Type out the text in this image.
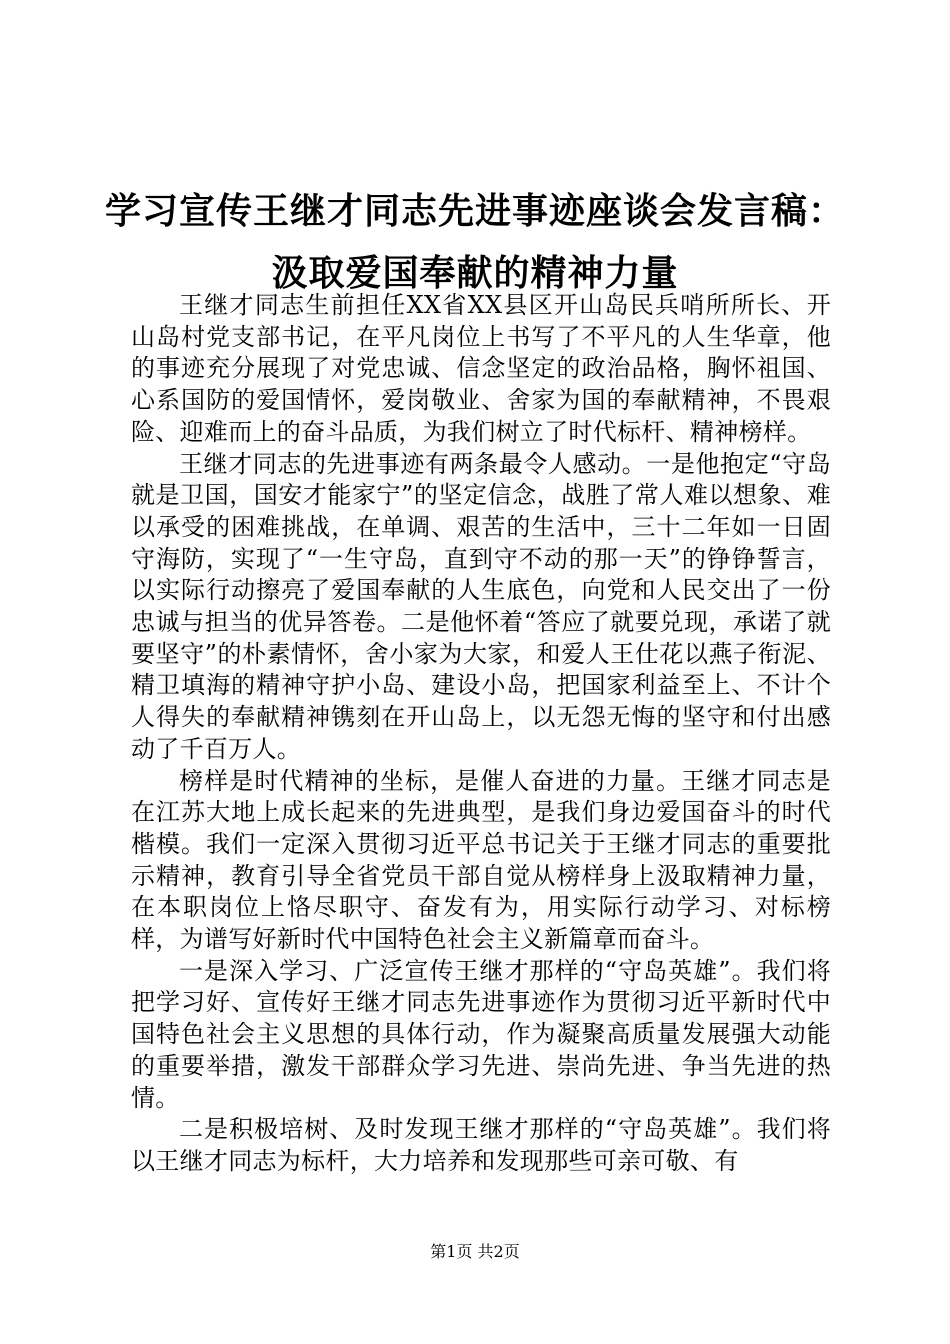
学习宣传王继才同志先进事迹座谈会发言稿：
汲取爱国奉献的精神力量

王继才同志生前担任XX省XX县区开山岛民兵哨所所长、开山岛村党支部书记，在平凡岗位上书写了不平凡的人生华章，他的事迹充分展现了对党忠诚、信念坚定的政治品格，胸怀祖国、心系国防的爱国情怀，爱岗敬业、舍家为国的奉献精神，不畏艰险、迎难而上的奋斗品质，为我们树立了时代标杆、精神榜样。

王继才同志的先进事迹有两条最令人感动。一是他抱定“守岛就是卫国，国安才能家宁”的坚定信念，战胜了常人难以想象、难以承受的困难挑战，在单调、艰苦的生活中，三十二年如一日固守海防，实现了“一生守岛，直到守不动的那一天”的铮铮誓言，以实际行动擦亮了爱国奉献的人生底色，向党和人民交出了一份忠诚与担当的优异答卷。二是他怀着“答应了就要兑现，承诺了就要坚守”的朴素情怀，舍小家为大家，和爱人王仕花以燕子衔泥、精卫填海的精神守护小岛、建设小岛，把国家利益至上、不计个人得失的奉献精神镌刻在开山岛上，以无怨无悔的坚守和付出感动了千百万人。

榜样是时代精神的坐标，是催人奋进的力量。王继才同志是在江苏大地上成长起来的先进典型，是我们身边爱国奋斗的时代楷模。我们一定深入贯彻习近平总书记关于王继才同志的重要批示精神，教育引导全省党员干部自觉从榜样身上汲取精神力量，在本职岗位上恪尽职守、奋发有为，用实际行动学习、对标榜样，为谱写好新时代中国特色社会主义新篇章而奋斗。

一是深入学习、广泛宣传王继才那样的“守岛英雄”。我们将把学习好、宣传好王继才同志先进事迹作为贯彻习近平新时代中国特色社会主义思想的具体行动，作为凝聚高质量发展强大动能的重要举措，激发干部群众学习先进、崇尚先进、争当先进的热情。

二是积极培树、及时发现王继才那样的“守岛英雄”。我们将以王继才同志为标杆，大力培养和发现那些可亲可敬、有

第1页 共2页
